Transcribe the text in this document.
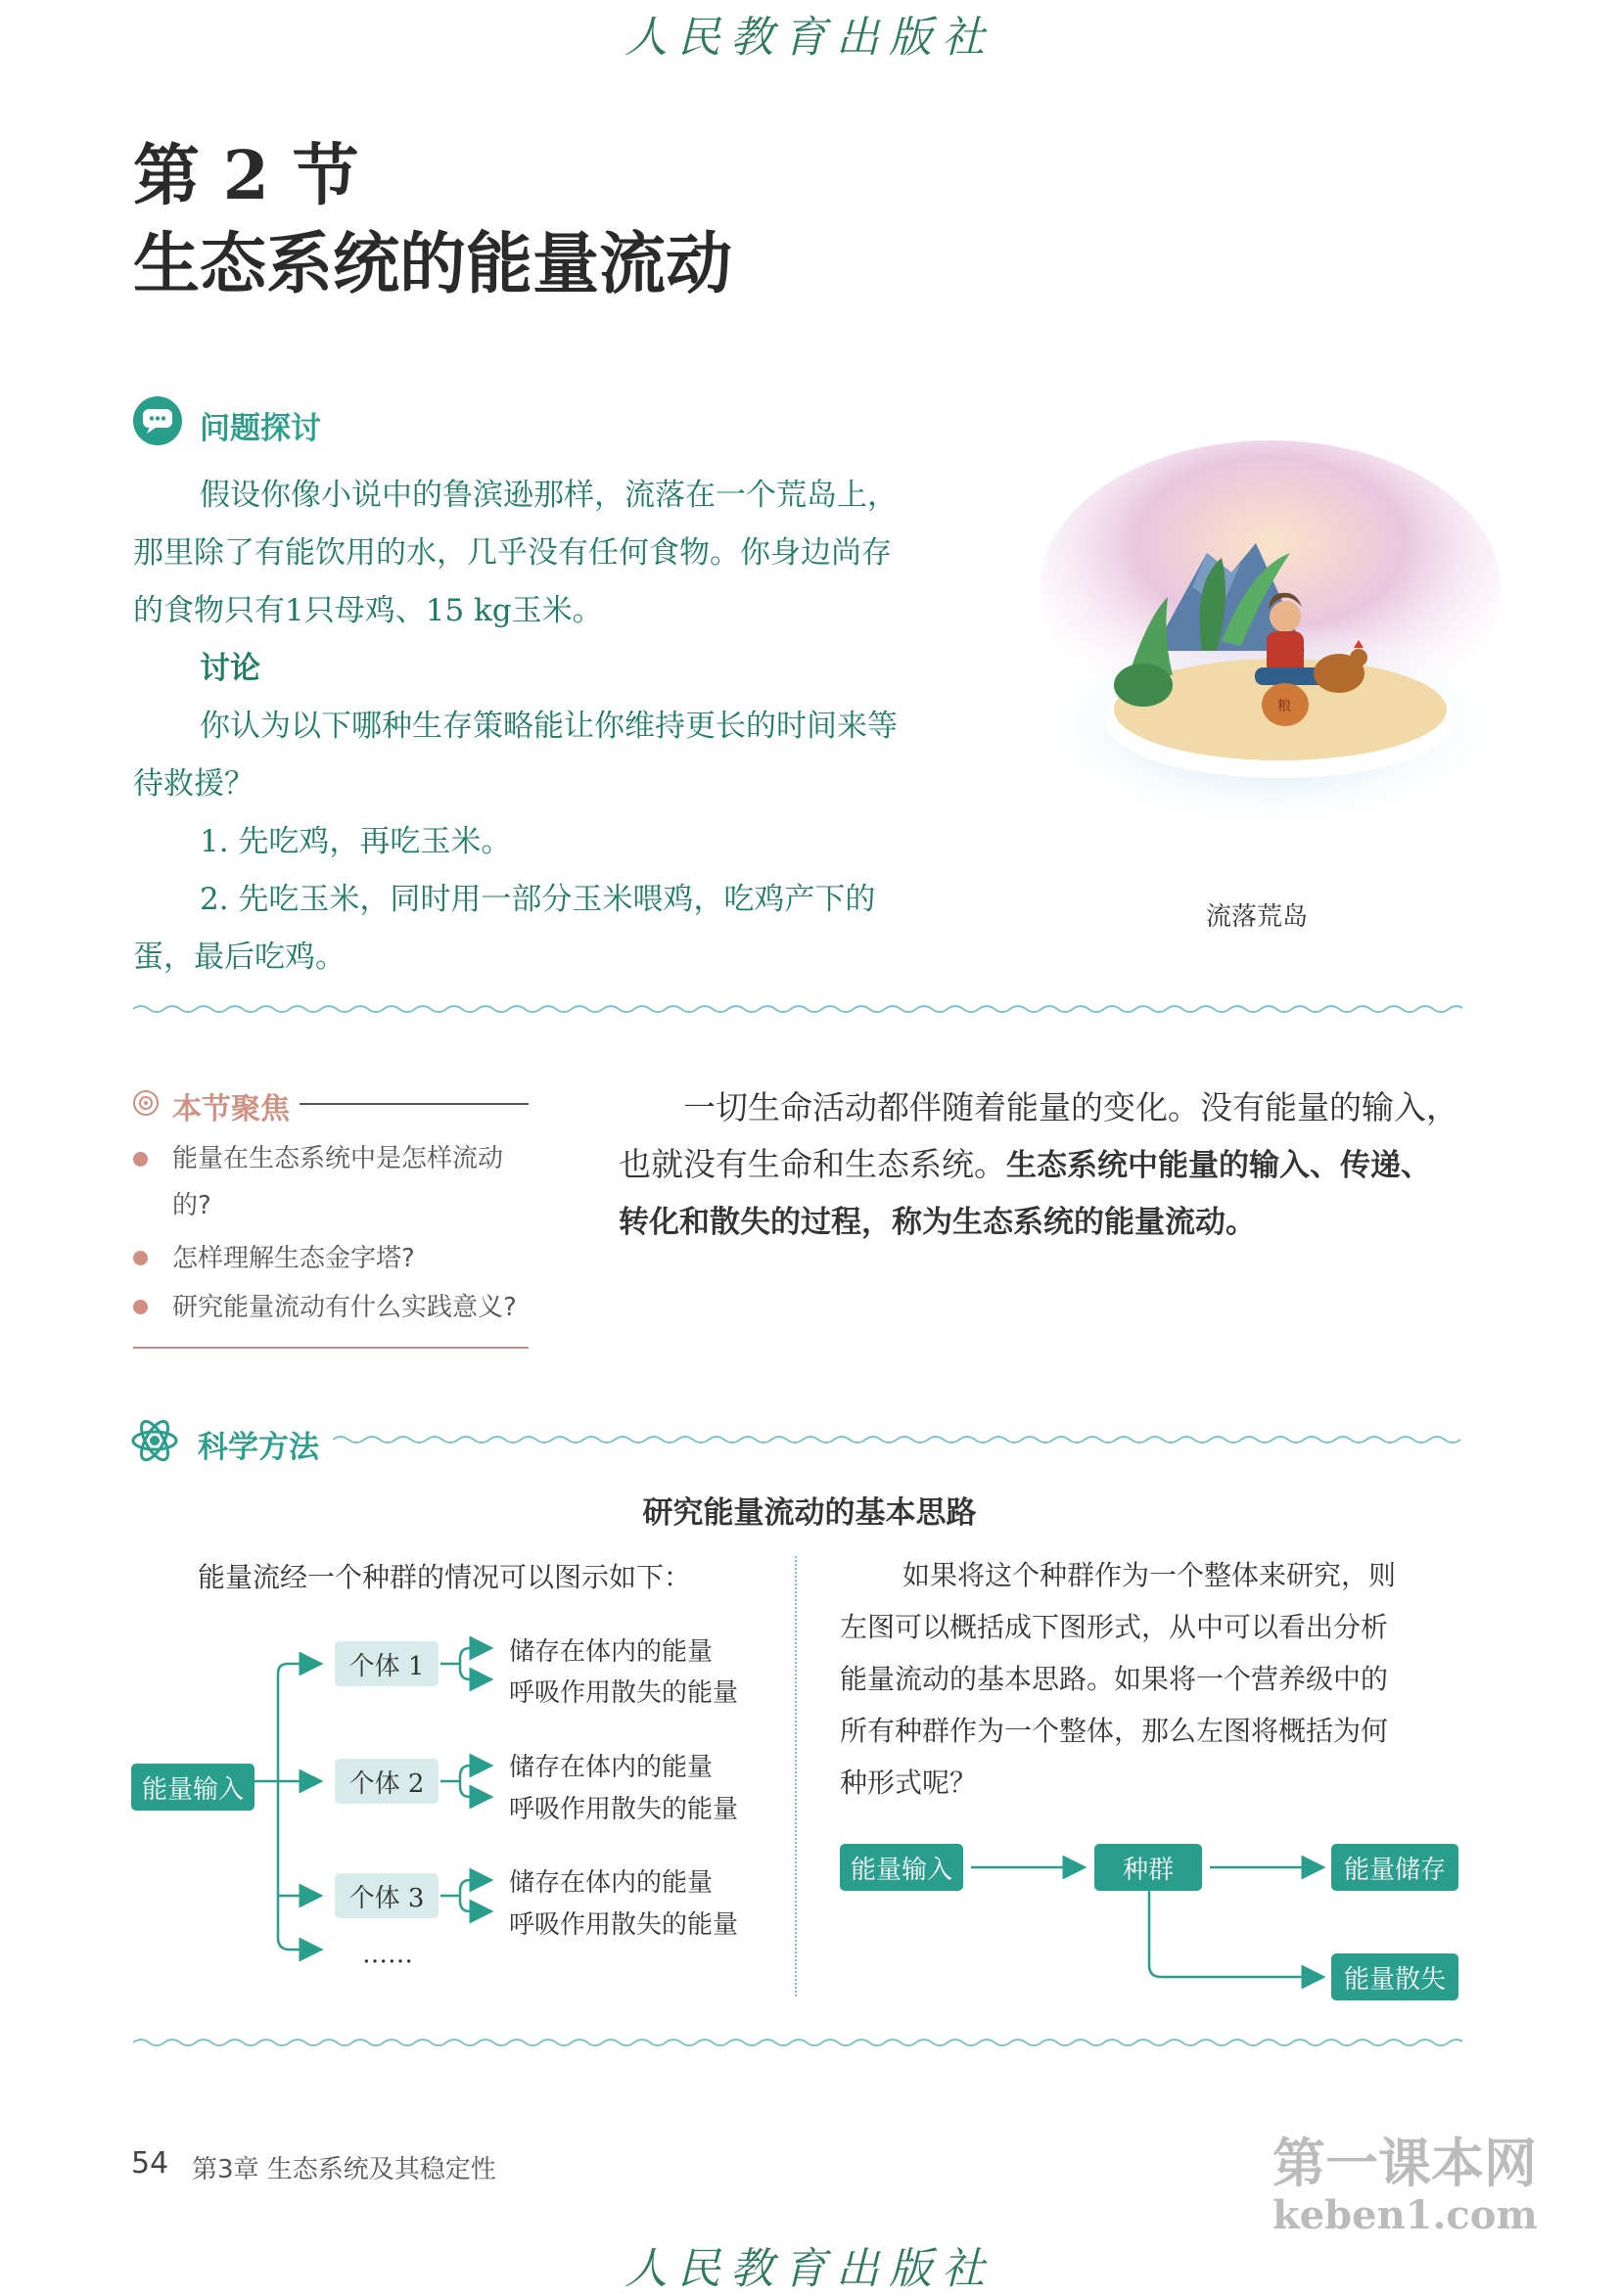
人民教育出版社
第 2 节
生态系统的能量流动
问题探讨
假设你像小说中的鲁滨逊那样，流落在一个荒岛上，
那里除了有能饮用的水，几乎没有任何食物。你身边尚存
的食物只有1只母鸡、15 kg玉米。
讨论
你认为以下哪种生存策略能让你维持更长的时间来等
待救援？
1. 先吃鸡，再吃玉米。
2. 先吃玉米，同时用一部分玉米喂鸡，吃鸡产下的
蛋，最后吃鸡。
粮
流落荒岛
本节聚焦
能量在生态系统中是怎样流动
的?
怎样理解生态金字塔?
研究能量流动有什么实践意义?
一切生命活动都伴随着能量的变化。没有能量的输入，
也就没有生命和生态系统。生态系统中能量的输入、传递、
转化和散失的过程，称为生态系统的能量流动。
科学方法
研究能量流动的基本思路
能量流经一个种群的情况可以图示如下：
能量输入
个体 1
个体 2
个体 3
……
储存在体内的能量
呼吸作用散失的能量
储存在体内的能量
呼吸作用散失的能量
储存在体内的能量
呼吸作用散失的能量
如果将这个种群作为一个整体来研究，则
左图可以概括成下图形式，从中可以看出分析
能量流动的基本思路。如果将一个营养级中的
所有种群作为一个整体，那么左图将概括为何
种形式呢？
能量输入	种群	能量储存
能量散失
54 第3章 生态系统及其稳定性	第一课本网
keben1.com
人民教育出版社
